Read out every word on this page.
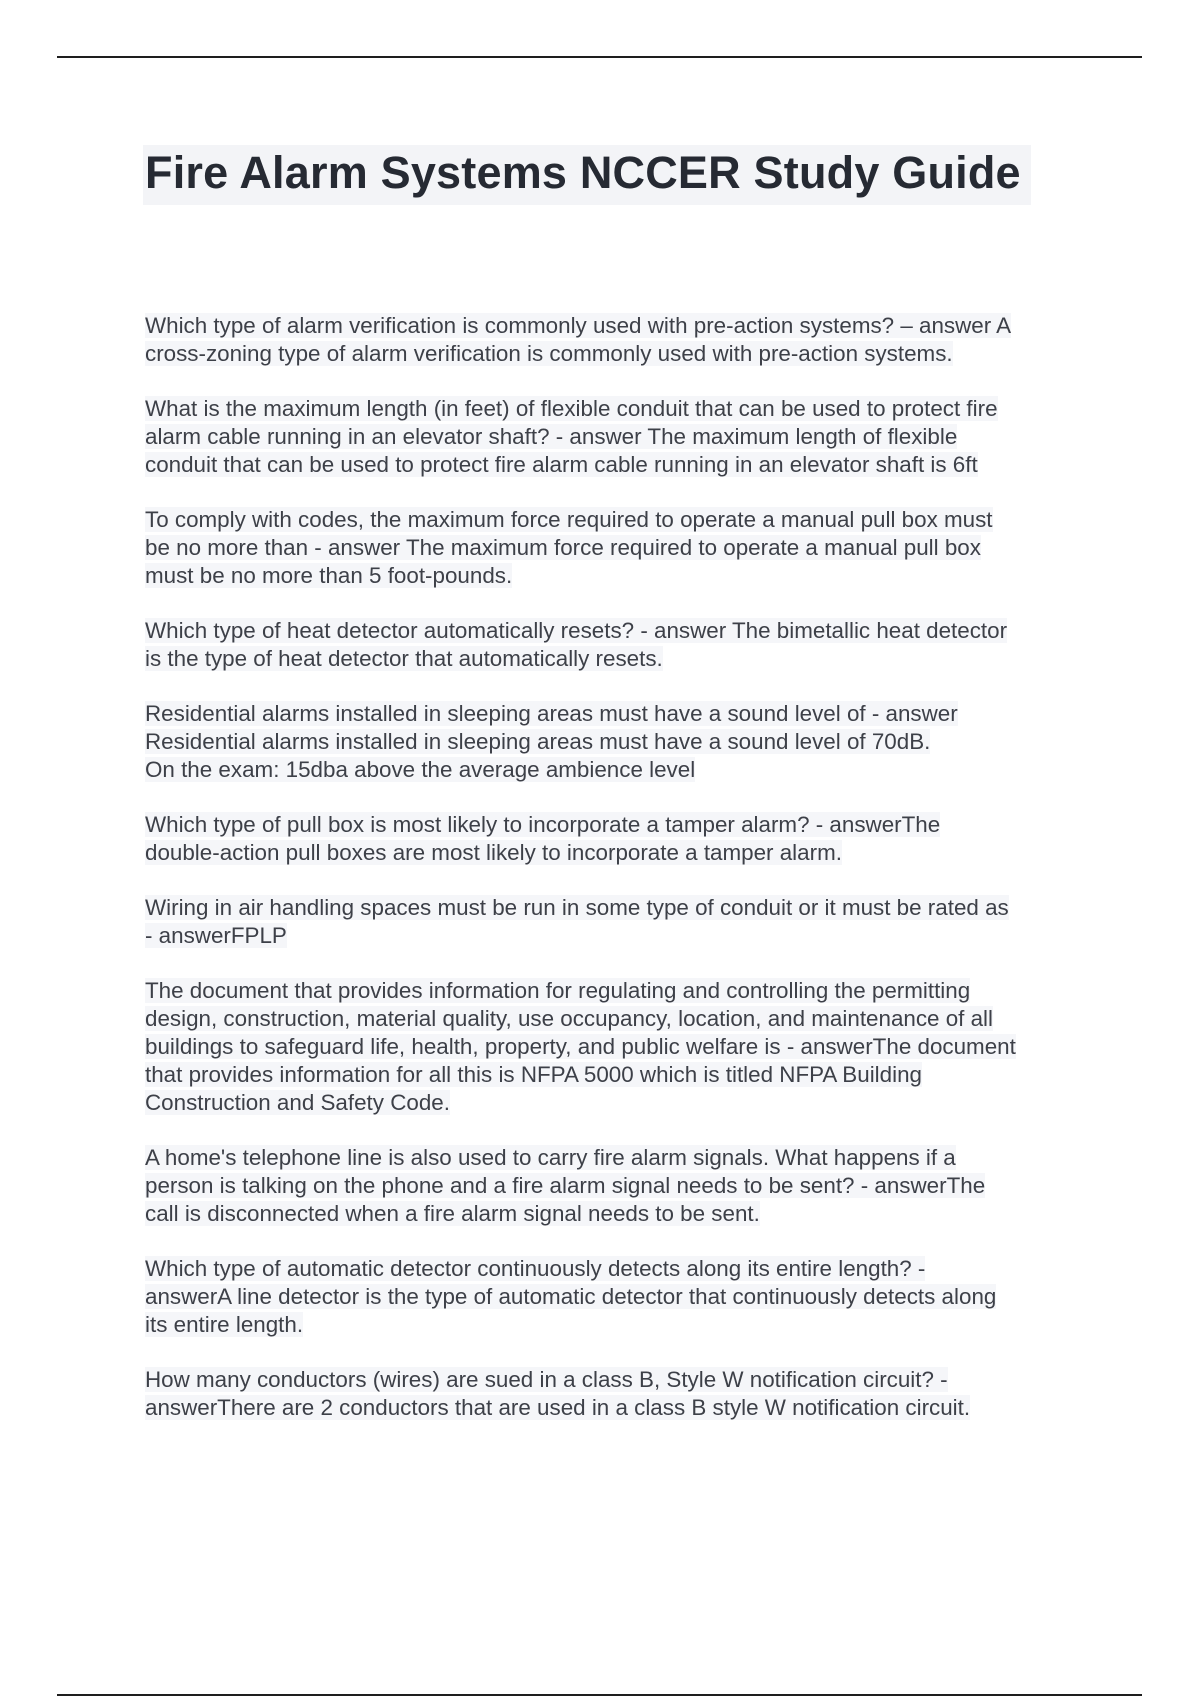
Fire Alarm Systems NCCER Study Guide

Which type of alarm verification is commonly used with pre-action systems? – answer A
cross-zoning type of alarm verification is commonly used with pre-action systems.

What is the maximum length (in feet) of flexible conduit that can be used to protect fire
alarm cable running in an elevator shaft? - answer The maximum length of flexible
conduit that can be used to protect fire alarm cable running in an elevator shaft is 6ft

To comply with codes, the maximum force required to operate a manual pull box must
be no more than - answer The maximum force required to operate a manual pull box
must be no more than 5 foot-pounds.

Which type of heat detector automatically resets? - answer The bimetallic heat detector
is the type of heat detector that automatically resets.

Residential alarms installed in sleeping areas must have a sound level of - answer
Residential alarms installed in sleeping areas must have a sound level of 70dB.
On the exam: 15dba above the average ambience level

Which type of pull box is most likely to incorporate a tamper alarm? - answerThe
double-action pull boxes are most likely to incorporate a tamper alarm.

Wiring in air handling spaces must be run in some type of conduit or it must be rated as
- answerFPLP

The document that provides information for regulating and controlling the permitting
design, construction, material quality, use occupancy, location, and maintenance of all
buildings to safeguard life, health, property, and public welfare is - answerThe document
that provides information for all this is NFPA 5000 which is titled NFPA Building
Construction and Safety Code.

A home's telephone line is also used to carry fire alarm signals. What happens if a
person is talking on the phone and a fire alarm signal needs to be sent? - answerThe
call is disconnected when a fire alarm signal needs to be sent.

Which type of automatic detector continuously detects along its entire length? -
answerA line detector is the type of automatic detector that continuously detects along
its entire length.

How many conductors (wires) are sued in a class B, Style W notification circuit? -
answerThere are 2 conductors that are used in a class B style W notification circuit.
